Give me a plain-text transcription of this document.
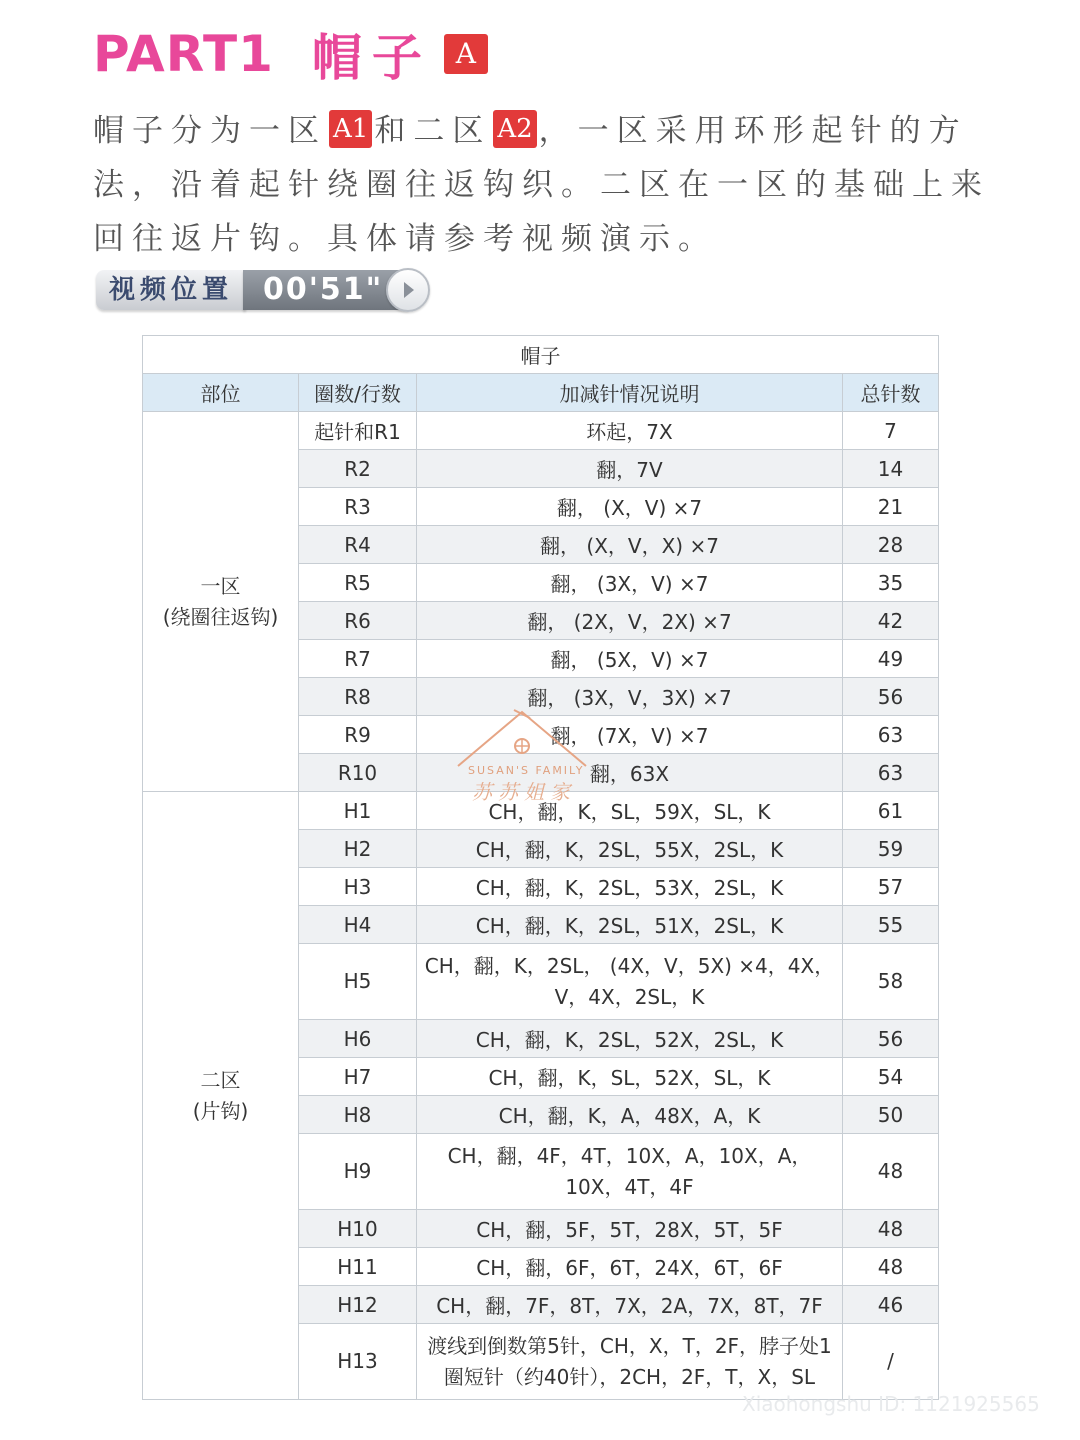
PART1 帽子 A
帽子分为一区 A1 和二区 A2 ，一区采用环形起针的方法，沿着起针绕圈往返钩织。二区在一区的基础上来回往返片钩。具体请参考视频演示。
视频位置	00'51"
帽子			
部位	圈数/行数	加减针情况说明	总针数

一区
(绕圈往返钩)	起针和R1	环起，7X	7
	R2	翻，7V	14
	R3	翻， (X，V) ×7	21
	R4	翻， (X，V，X) ×7	28
	R5	翻， (3X，V) ×7	35
	R6	翻， (2X，V，2X) ×7	42
	R7	翻， (5X，V) ×7	49
	R8	翻， (3X，V，3X) ×7	56
	R9	翻， (7X，V) ×7	63
	R10	翻，63X	63

二区
(片钩)	H1	CH，翻，K，SL，59X，SL，K	61
	H2	CH，翻，K，2SL，55X，2SL，K	59
	H3	CH，翻，K，2SL，53X，2SL，K	57
	H4	CH，翻，K，2SL，51X，2SL，K	55
	H5	CH，翻，K，2SL， (4X，V，5X) ×4，4X，V，4X，2SL，K	58
	H6	CH，翻，K，2SL，52X，2SL，K	56
	H7	CH，翻，K，SL，52X，SL，K	54
	H8	CH，翻，K，A，48X，A，K	50
	H9	CH，翻，4F，4T，10X，A，10X，A，10X，4T，4F	48
	H10	CH，翻，5F，5T，28X，5T，5F	48
	H11	CH，翻，6F，6T，24X，6T，6F	48
	H12	CH，翻，7F，8T，7X，2A，7X，8T，7F	46
	H13	渡线到倒数第5针，CH，X，T，2F，脖子处1圈短针（约40针），2CH，2F，T，X，SL	/
SUSAN'S FAMILY
苏苏姐家
Xiaohongshu ID: 1121925565
